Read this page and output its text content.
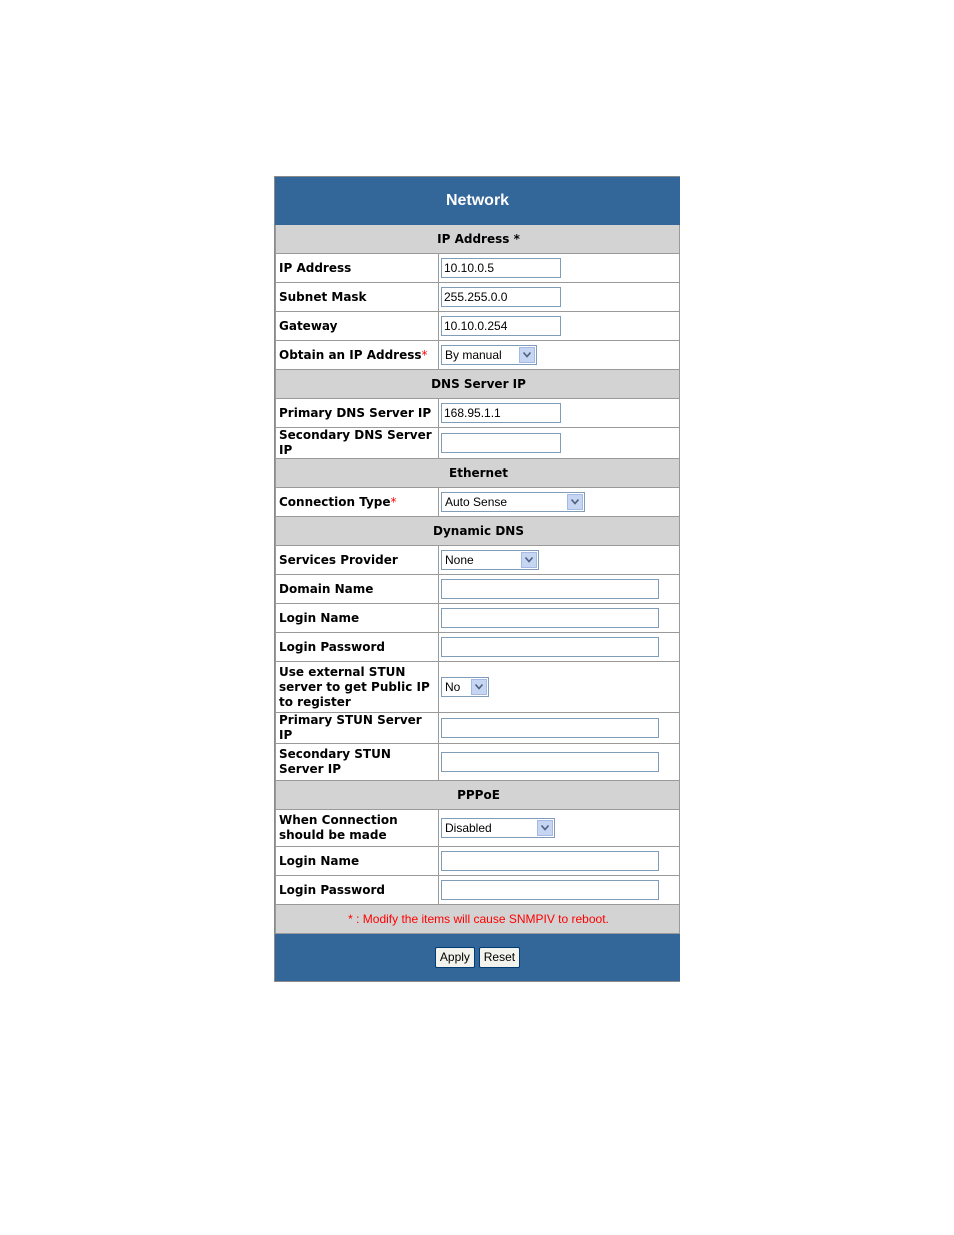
Network	
IP Address *	
IP Address	10.10.0.5
Subnet Mask	255.255.0.0
Gateway	10.10.0.254
Obtain an IP Address*	By manual

DNS Server IP	
Primary DNS Server IP	168.95.1.1
Secondary DNS Server IP	
Ethernet	
Connection Type*	Auto Sense

Dynamic DNS	
Services Provider	None

Domain Name	
Login Name	
Login Password	
Use external STUN server to get Public IP to register	No

Primary STUN Server IP	
Secondary STUN Server IP	
PPPoE	
When Connection should be made	Disabled

Login Name	
Login Password	
* : Modify the items will cause SNMPIV to reboot.	
Apply Reset	
